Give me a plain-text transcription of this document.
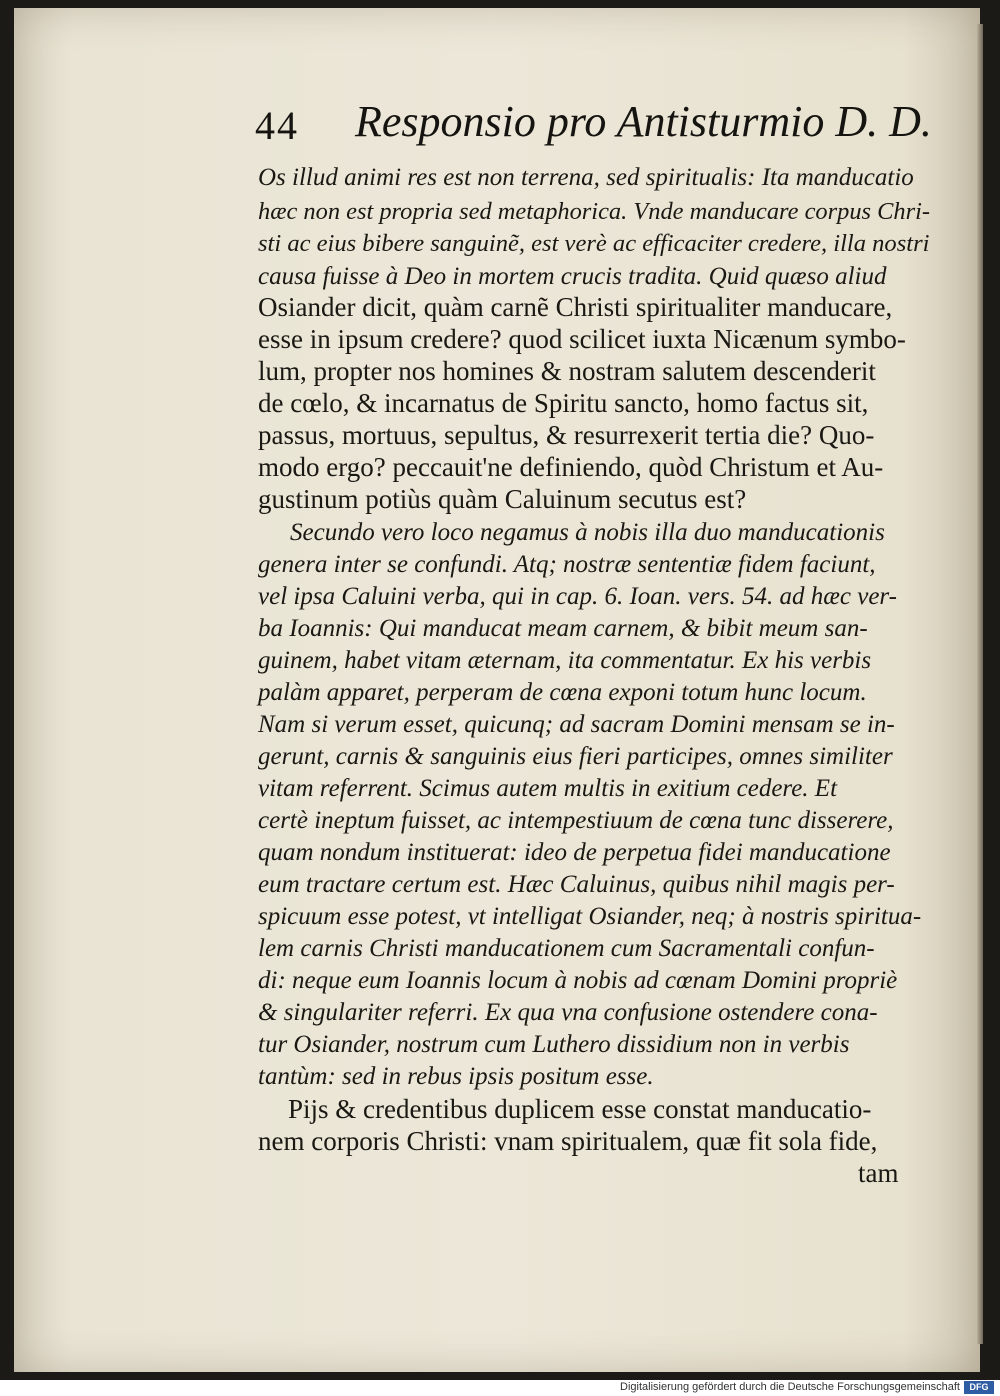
44 Responsio pro Antisturmio D. D.
Os illud animi res est non terrena, sed spiritualis: Ita manducatio
hæc non est propria sed metaphorica. Vnde manducare corpus Chri-
sti ac eius bibere sanguinẽ, est verè ac efficaciter credere, illa nostri
causa fuisse à Deo in mortem crucis tradita. Quid quæso aliud
Osiander dicit, quàm carnẽ Christi spiritualiter manducare,
esse in ipsum credere? quod scilicet iuxta Nicænum symbo-
lum, propter nos homines & nostram salutem descenderit
de cœlo, & incarnatus de Spiritu sancto, homo factus sit,
passus, mortuus, sepultus, & resurrexerit tertia die? Quo-
modo ergo? peccauit'ne definiendo, quòd Christum et Au-
gustinum potiùs quàm Caluinum secutus est?
Secundo vero loco negamus à nobis illa duo manducationis
genera inter se confundi. Atq; nostræ sententiæ fidem faciunt,
vel ipsa Caluini verba, qui in cap. 6. Ioan. vers. 54. ad hæc ver-
ba Ioannis: Qui manducat meam carnem, & bibit meum san-
guinem, habet vitam æternam, ita commentatur. Ex his verbis
palàm apparet, perperam de cœna exponi totum hunc locum.
Nam si verum esset, quicunq; ad sacram Domini mensam se in-
gerunt, carnis & sanguinis eius fieri participes, omnes similiter
vitam referrent. Scimus autem multis in exitium cedere. Et
certè ineptum fuisset, ac intempestiuum de cœna tunc disserere,
quam nondum instituerat: ideo de perpetua fidei manducatione
eum tractare certum est. Hæc Caluinus, quibus nihil magis per-
spicuum esse potest, vt intelligat Osiander, neq; à nostris spiritua-
lem carnis Christi manducationem cum Sacramentali confun-
di: neque eum Ioannis locum à nobis ad cœnam Domini propriè
& singulariter referri. Ex qua vna confusione ostendere cona-
tur Osiander, nostrum cum Luthero dissidium non in verbis
tantùm: sed in rebus ipsis positum esse.
Pijs & credentibus duplicem esse constat manducatio-
nem corporis Christi: vnam spiritualem, quæ fit sola fide,
tam
Digitalisierung gefördert durch die Deutsche Forschungsgemeinschaft	DFG
